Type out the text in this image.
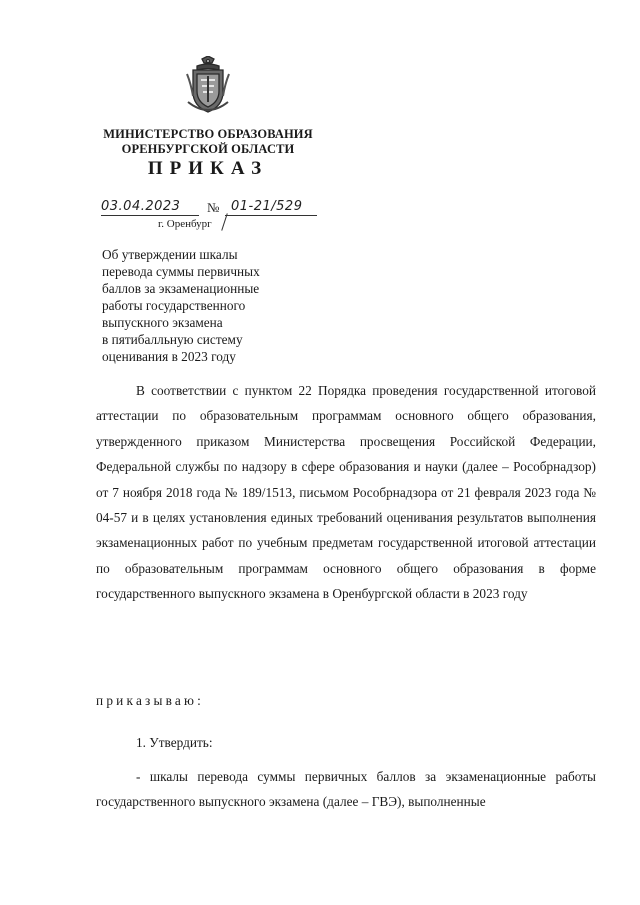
МИНИСТЕРСТВО ОБРАЗОВАНИЯ
ОРЕНБУРГСКОЙ ОБЛАСТИ
ПРИКАЗ
03.04.2023 № 01-21/529
г. Оренбург
Об утверждении шкалы
перевода суммы первичных
баллов за экзаменационные
работы государственного
выпускного экзамена
в пятибалльную систему
оценивания в 2023 году

В соответствии с пунктом 22 Порядка проведения государственной итоговой аттестации по образовательным программам основного общего образования, утвержденного приказом Министерства просвещения Российской Федерации, Федеральной службы по надзору в сфере образования и науки (далее – Рособрнадзор) от 7 ноября 2018 года № 189/1513, письмом Рособрнадзора от 21 февраля 2023 года № 04-57 и в целях установления единых требований оценивания результатов выполнения экзаменационных работ по учебным предметам государственной итоговой аттестации по образовательным программам основного общего образования в форме государственного выпускного экзамена в Оренбургской области в 2023 году

приказываю:
1. Утвердить:

- шкалы перевода суммы первичных баллов за экзаменационные работы государственного выпускного экзамена (далее – ГВЭ), выполненные
